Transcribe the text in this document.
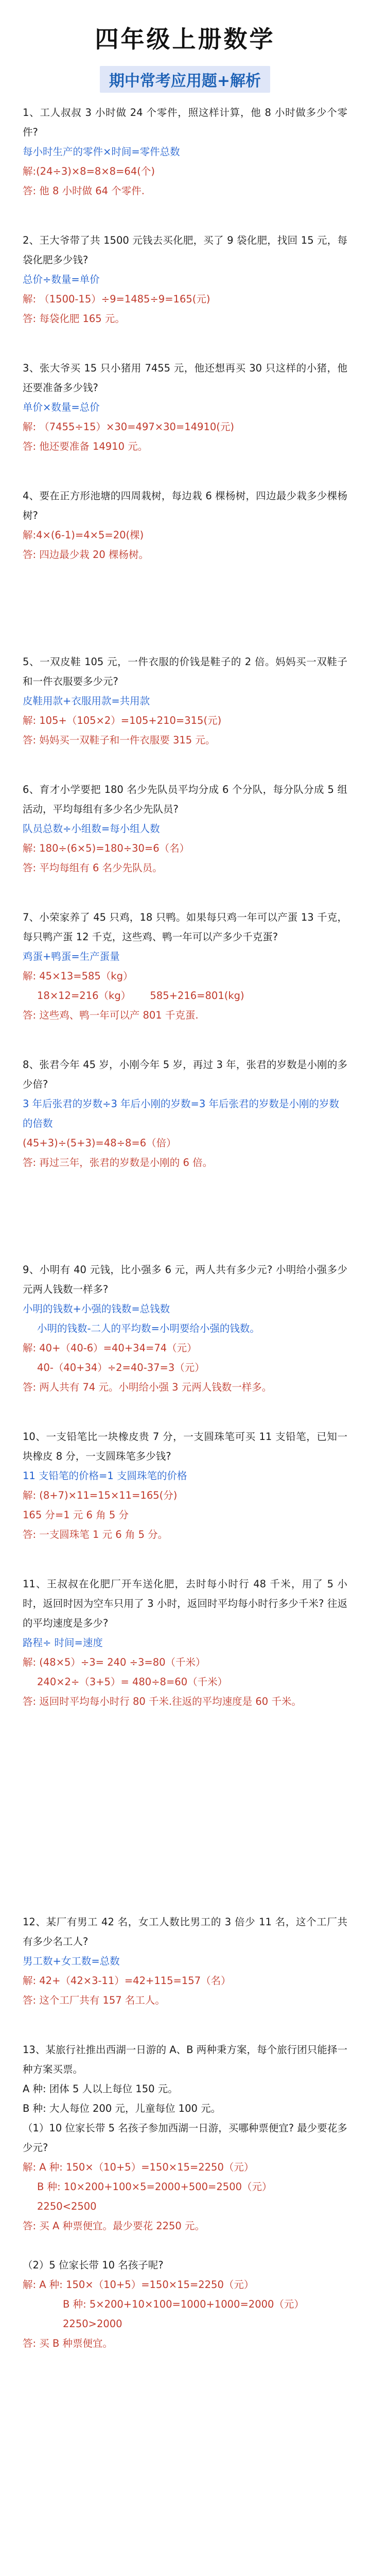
四年级上册数学
期中常考应用题+解析

1、工人叔叔 3 小时做 24 个零件，照这样计算，他 8 小时做多少个零件?

每小时生产的零件×时间=零件总数

解:(24÷3)×8=8×8=64(个)

答: 他 8 小时做 64 个零件.

2、王大爷带了共 1500 元钱去买化肥，买了 9 袋化肥，找回 15 元，每袋化肥多少钱?

总价÷数量=单价

解: （1500-15）÷9=1485÷9=165(元)

答: 每袋化肥 165 元。

3、张大爷买 15 只小猪用 7455 元，他还想再买 30 只这样的小猪，他还要准备多少钱?

单价×数量=总价

解: （7455÷15）×30=497×30=14910(元)

答: 他还要准备 14910 元。

4、要在正方形池塘的四周栽树，每边栽 6 棵杨树，四边最少栽多少棵杨树?

解:4×(6-1)=4×5=20(棵)

答: 四边最少栽 20 棵杨树。

5、一双皮鞋 105 元，一件衣服的价钱是鞋子的 2 倍。妈妈买一双鞋子和一件衣服要多少元?

皮鞋用款+衣服用款=共用款

解: 105+（105×2）=105+210=315(元)

答: 妈妈买一双鞋子和一件衣服要 315 元。

6、育才小学要把 180 名少先队员平均分成 6 个分队，每分队分成 5 组活动，平均每组有多少名少先队员?

队员总数÷小组数=每小组人数

解: 180÷(6×5)=180÷30=6（名）

答: 平均每组有 6 名少先队员。

7、小荣家养了 45 只鸡，18 只鸭。如果每只鸡一年可以产蛋 13 千克，每只鸭产蛋 12 千克，这些鸡、鸭一年可以产多少千克蛋?

鸡蛋+鸭蛋=生产蛋量

解: 45×13=585（kg）

18×12=216（kg）      585+216=801(kg)

答: 这些鸡、鸭一年可以产 801 千克蛋.

8、张君今年 45 岁，小刚今年 5 岁，再过 3 年，张君的岁数是小刚的多少倍?

3 年后张君的岁数÷3 年后小刚的岁数=3 年后张君的岁数是小刚的岁数的倍数

(45+3)÷(5+3)=48÷8=6（倍）

答: 再过三年，张君的岁数是小刚的 6 倍。

9、小明有 40 元钱，比小强多 6 元，两人共有多少元? 小明给小强多少元两人钱数一样多?

小明的钱数+小强的钱数=总钱数

小明的钱数-二人的平均数=小明要给小强的钱数。

解: 40+（40-6）=40+34=74（元）

40-（40+34）÷2=40-37=3（元）

答: 两人共有 74 元。小明给小强 3 元两人钱数一样多。

10、一支铅笔比一块橡皮贵 7 分，一支圆珠笔可买 11 支铅笔，已知一块橡皮 8 分，一支圆珠笔多少钱?

11 支铅笔的价格=1 支圆珠笔的价格

解: (8+7)×11=15×11=165(分)

165 分=1 元 6 角 5 分

答: 一支圆珠笔 1 元 6 角 5 分。

11、王叔叔在化肥厂开车送化肥，去时每小时行 48 千米，用了 5 小时，返回时因为空车只用了 3 小时，返回时平均每小时行多少千米? 往返的平均速度是多少?

路程÷ 时间=速度

解: (48×5）÷3= 240 ÷3=80（千米）

240×2÷（3+5）= 480÷8=60（千米）

答: 返回时平均每小时行 80 千米.往返的平均速度是 60 千米。

12、某厂有男工 42 名，女工人数比男工的 3 倍少 11 名，这个工厂共有多少名工人?

男工数+女工数=总数

解: 42+（42×3-11）=42+115=157（名）

答: 这个工厂共有 157 名工人。

13、某旅行社推出西湖一日游的 A、B 两种秉方案，每个旅行团只能择一种方案买票。

A 种: 团体 5 人以上每位 150 元。

B 种: 大人每位 200 元，儿童每位 100 元。

（1）10 位家长带 5 名孩子参加西湖一日游，买哪种票便宜? 最少要花多少元?

解: A 种: 150×（10+5）=150×15=2250（元）

B 种: 10×200+100×5=2000+500=2500（元）

2250<2500

答: 买 A 种票便宜。最少要花 2250 元。

（2）5 位家长带 10 名孩子呢?

解: A 种: 150×（10+5）=150×15=2250（元）

B 种: 5×200+10×100=1000+1000=2000（元）

2250>2000

答: 买 B 种票便宜。
